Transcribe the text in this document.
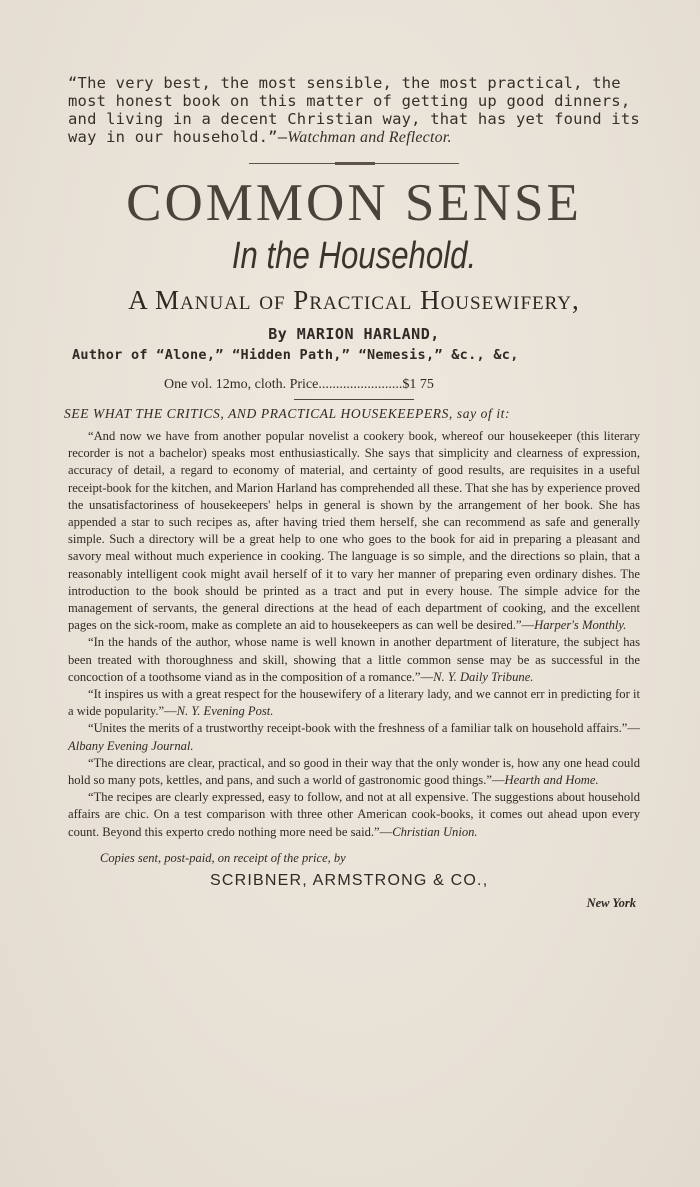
“The very best, the most sensible, the most practical, the most honest book on this matter of getting up good dinners, and living in a decent Christian way, that has yet found its way in our household.”—Watchman and Reflector.
COMMON SENSE
In the Household.
A Manual of Practical Housewifery,
By MARION HARLAND,
Author of “Alone,” “Hidden Path,” “Nemesis,” &c., &c,
One vol. 12mo, cloth. Price........................$1 75
SEE WHAT THE CRITICS, AND PRACTICAL HOUSEKEEPERS, say of it:

“And now we have from another popular novelist a cookery book, whereof our housekeeper (this literary recorder is not a bachelor) speaks most enthusiastically. She says that simplicity and clearness of expression, accuracy of detail, a regard to economy of material, and certainty of good results, are requisites in a useful receipt-book for the kitchen, and Marion Harland has comprehended all these. That she has by experience proved the unsatisfactoriness of housekeepers' helps in general is shown by the arrangement of her book. She has appended a star to such recipes as, after having tried them herself, she can recommend as safe and generally simple. Such a directory will be a great help to one who goes to the book for aid in preparing a pleasant and savory meal without much experience in cooking. The language is so simple, and the directions so plain, that a reasonably intelligent cook might avail herself of it to vary her manner of preparing even ordinary dishes. The introduction to the book should be printed as a tract and put in every house. The simple advice for the management of servants, the general directions at the head of each department of cooking, and the excellent pages on the sick-room, make as complete an aid to housekeepers as can well be desired.”—Harper's Monthly.

“In the hands of the author, whose name is well known in another department of literature, the subject has been treated with thoroughness and skill, showing that a little common sense may be as successful in the concoction of a toothsome viand as in the composition of a romance.”—N. Y. Daily Tribune.

“It inspires us with a great respect for the housewifery of a literary lady, and we cannot err in predicting for it a wide popularity.”—N. Y. Evening Post.

“Unites the merits of a trustworthy receipt-book with the freshness of a familiar talk on household affairs.”—Albany Evening Journal.

“The directions are clear, practical, and so good in their way that the only wonder is, how any one head could hold so many pots, kettles, and pans, and such a world of gastronomic good things.”—Hearth and Home.

“The recipes are clearly expressed, easy to follow, and not at all expensive. The suggestions about household affairs are chic. On a test comparison with three other American cook-books, it comes out ahead upon every count. Beyond this experto credo nothing more need be said.”—Christian Union.

Copies sent, post-paid, on receipt of the price, by
SCRIBNER, ARMSTRONG & CO.,
New York
